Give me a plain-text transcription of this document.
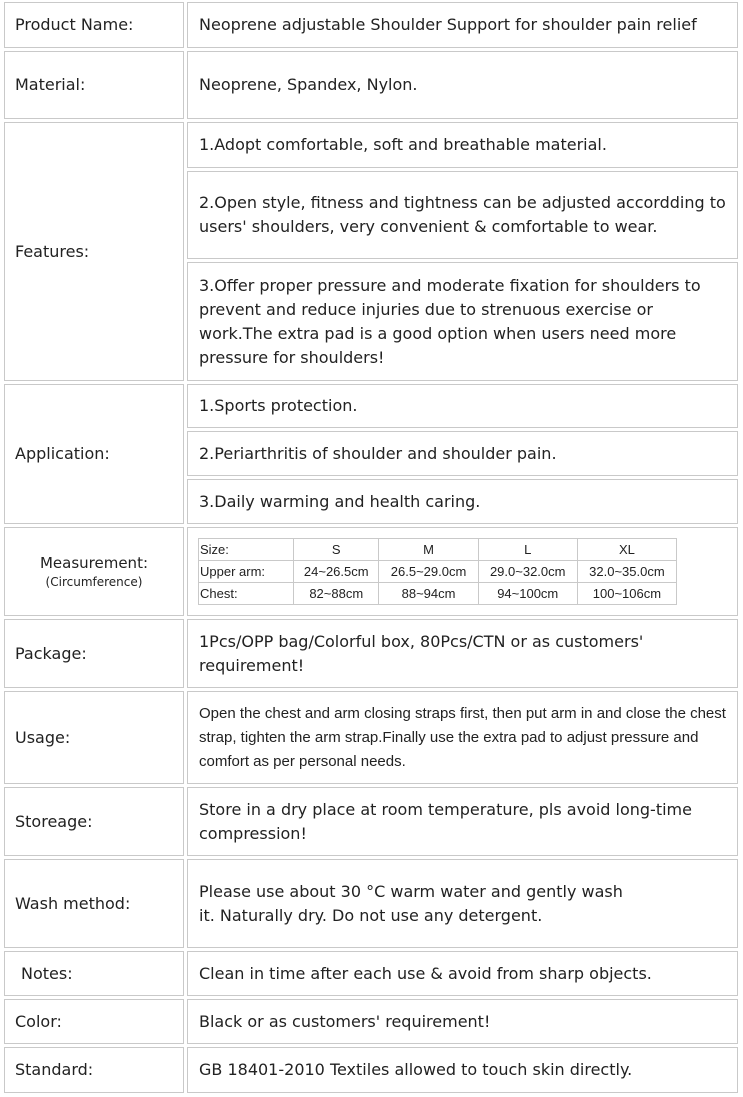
Product Name:	Neoprene adjustable Shoulder Support for shoulder pain relief
Material:	Neoprene, Spandex, Nylon.
Features:
1.Adopt comfortable, soft and breathable material.
2.Open style, fitness and tightness can be adjusted accordding to users' shoulders, very convenient & comfortable to wear.
3.Offer proper pressure and moderate fixation for shoulders to prevent and reduce injuries due to strenuous exercise or work.The extra pad is a good option when users need more pressure for shoulders!
Application:
1.Sports protection.
2.Periarthritis of shoulder and shoulder pain.
3.Daily warming and health caring.
Measurement:
(Circumference)
Size:	S	M	L	XL
Upper arm:	24~26.5cm	26.5~29.0cm	29.0~32.0cm	32.0~35.0cm
Chest:	82~88cm	88~94cm	94~100cm	100~106cm
Package:
1Pcs/OPP bag/Colorful box, 80Pcs/CTN or as customers' requirement!
Usage:
Open the chest and arm closing straps first, then put arm in and close the chest strap, tighten the arm strap.Finally use the extra pad to adjust pressure and comfort as per personal needs.
Storeage:
Store in a dry place at room temperature, pls avoid long-time compression!
Wash method:
Please use about 30 °C warm water and gently wash
it. Naturally dry. Do not use any detergent.
Notes:	Clean in time after each use & avoid from sharp objects.
Color:	Black or as customers' requirement!
Standard:	GB 18401-2010 Textiles allowed to touch skin directly.
